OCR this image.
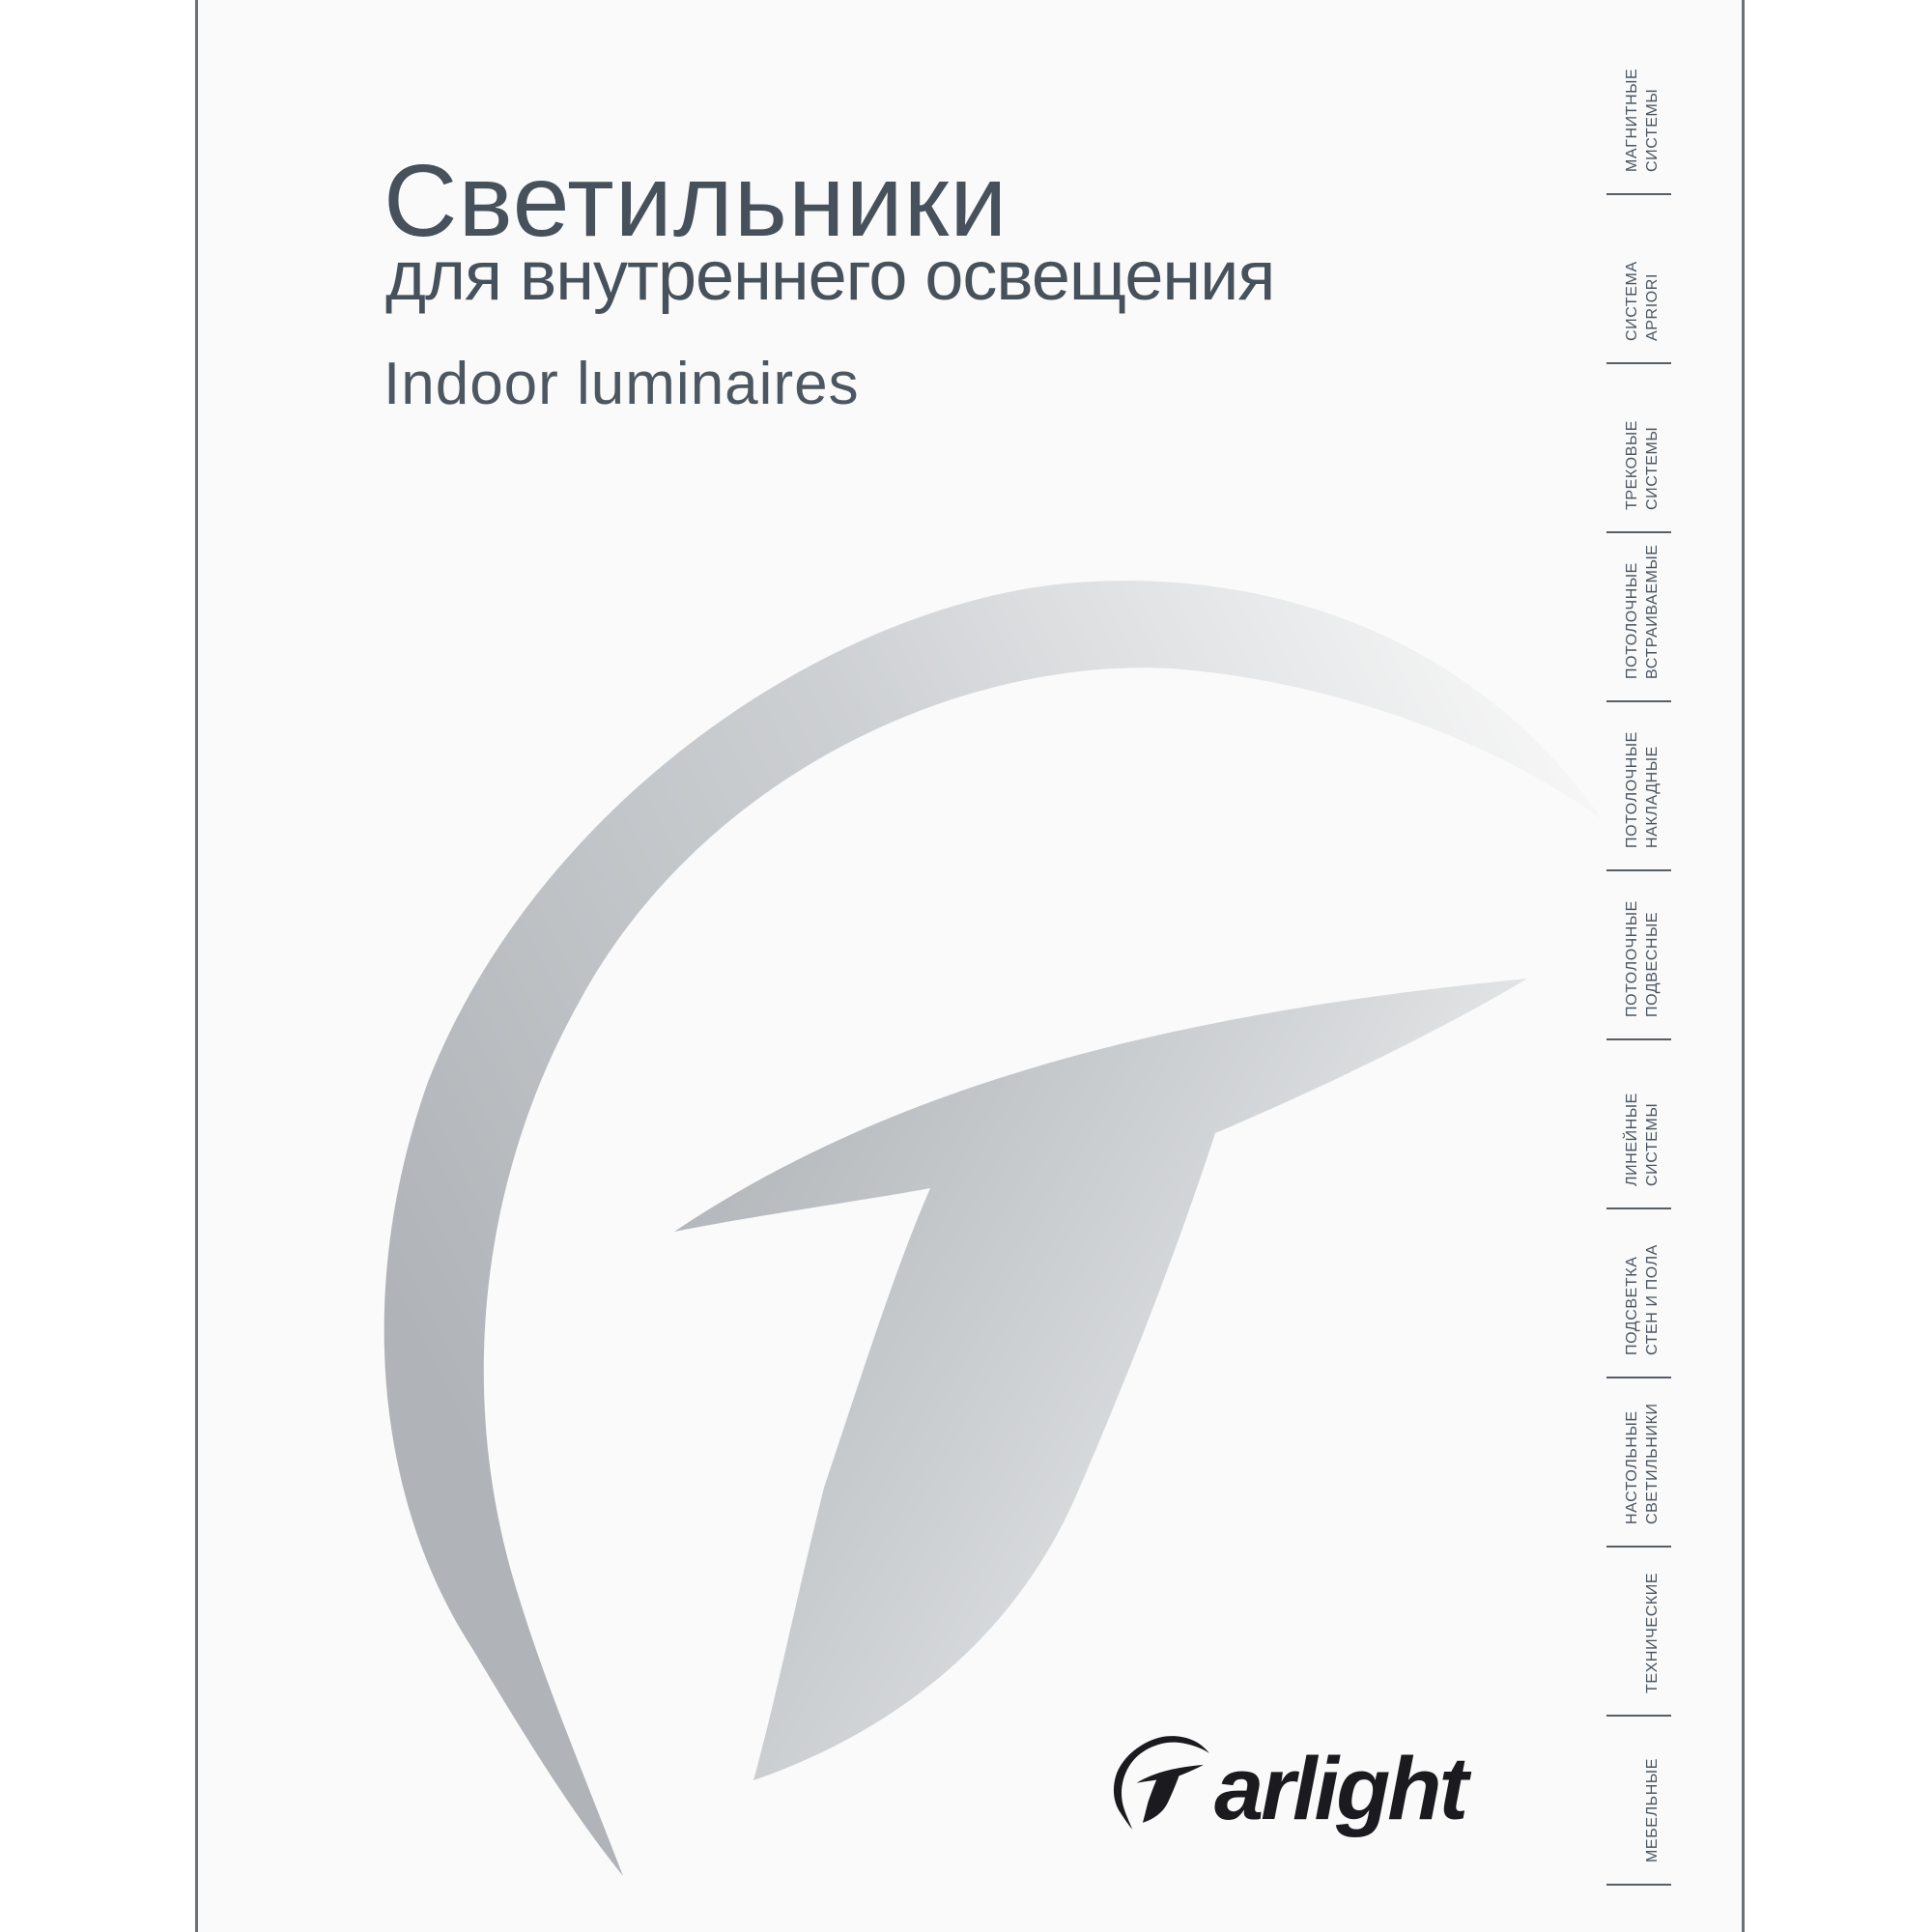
Светильники
для внутреннего освещения
Indoor luminaires
МАГНИТНЫЕ СИСТЕМЫ
СИСТЕМА APRIORI
ТРЕКОВЫЕ СИСТЕМЫ
ПОТОЛОЧНЫЕ ВСТРАИВАЕМЫЕ
ПОТОЛОЧНЫЕ НАКЛАДНЫЕ
ПОТОЛОЧНЫЕ ПОДВЕСНЫЕ
ЛИНЕЙНЫЕ СИСТЕМЫ
ПОДСВЕТКА СТЕН И ПОЛА
НАСТОЛЬНЫЕ СВЕТИЛЬНИКИ
ТЕХНИЧЕСКИЕ
МЕБЕЛЬНЫЕ
arlight
